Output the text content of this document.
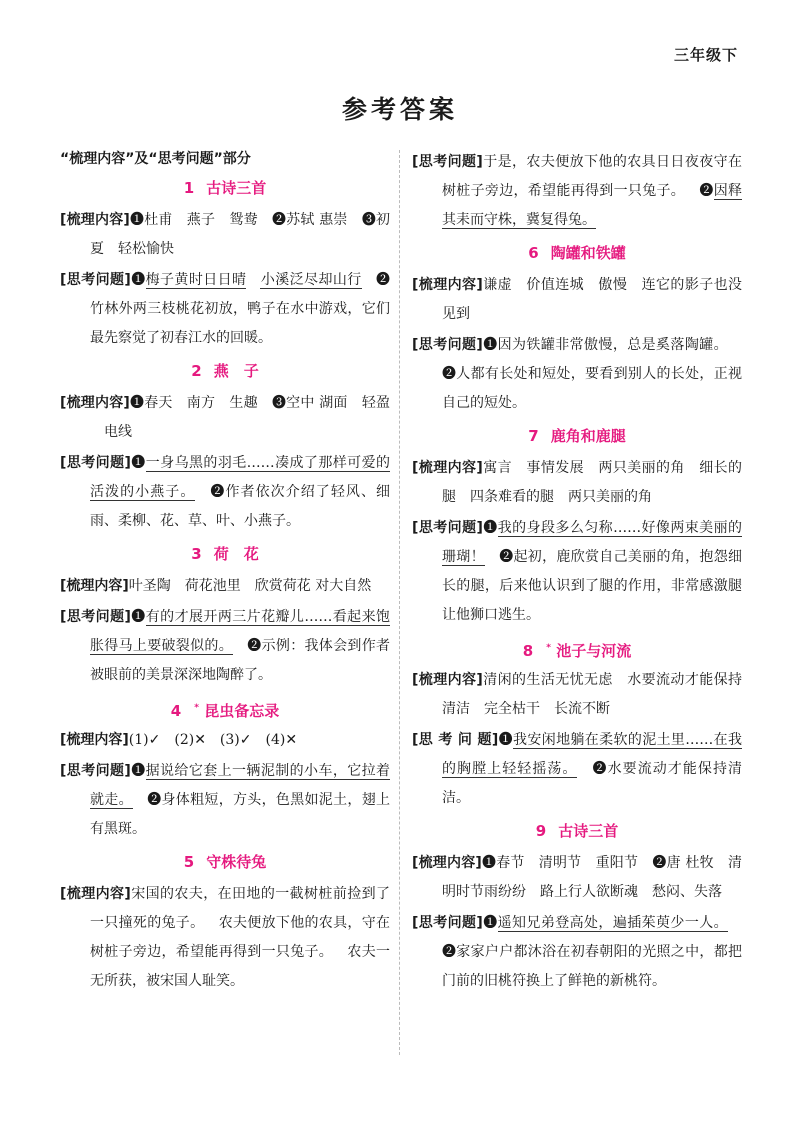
三年级下
参考答案

“梳理内容”及“思考问题”部分

1 古诗三首

[梳理内容]❶杜甫 燕子 鸳鸯 ❷苏轼 惠崇 ❸初夏 轻松愉快

[思考问题]❶梅子黄时日日晴 小溪泛尽却山行 ❷竹林外两三枝桃花初放，鸭子在水中游戏，它们最先察觉了初春江水的回暖。

2 燕　子

[梳理内容]❶春天 南方 生趣 ❸空中 湖面 轻盈电线

[思考问题]❶一身乌黑的羽毛……凑成了那样可爱的活泼的小燕子。 ❷作者依次介绍了轻风、细雨、柔柳、花、草、叶、小燕子。

3 荷　花

[梳理内容]叶圣陶 荷花池里 欣赏荷花 对大自然

[思考问题]❶有的才展开两三片花瓣儿……看起来饱胀得马上要破裂似的。 ❷示例：我体会到作者被眼前的美景深深地陶醉了。

4 * 昆虫备忘录

[梳理内容](1)✓ (2)✕ (3)✓ (4)✕

[思考问题]❶据说给它套上一辆泥制的小车，它拉着就走。 ❷身体粗短，方头，色黑如泥土，翅上有黑斑。

5 守株待兔

[梳理内容]宋国的农夫，在田地的一截树桩前捡到了一只撞死的兔子。 农夫便放下他的农具，守在树桩子旁边，希望能再得到一只兔子。 农夫一无所获，被宋国人耻笑。

[思考问题]于是，农夫便放下他的农具日日夜夜守在树桩子旁边，希望能再得到一只兔子。 ❷因释其耒而守株，冀复得兔。

6 陶罐和铁罐

[梳理内容]谦虚 价值连城 傲慢 连它的影子也没见到

[思考问题]❶因为铁罐非常傲慢，总是奚落陶罐。❷人都有长处和短处，要看到别人的长处，正视自己的短处。

7 鹿角和鹿腿

[梳理内容]寓言 事情发展 两只美丽的角 细长的腿 四条难看的腿 两只美丽的角

[思考问题]❶我的身段多么匀称……好像两束美丽的珊瑚！ ❷起初，鹿欣赏自己美丽的角，抱怨细长的腿，后来他认识到了腿的作用，非常感激腿让他狮口逃生。

8 * 池子与河流

[梳理内容]清闲的生活无忧无虑 水要流动才能保持清洁 完全枯干 长流不断

[思 考 问 题]❶我安闲地躺在柔软的泥土里……在我的胸膛上轻轻摇荡。 ❷水要流动才能保持清洁。

9 古诗三首

[梳理内容]❶春节 清明节 重阳节 ❷唐 杜牧 清明时节雨纷纷 路上行人欲断魂 愁闷、失落

[思考问题]❶遥知兄弟登高处，遍插茱萸少一人。❷家家户户都沐浴在初春朝阳的光照之中，都把门前的旧桃符换上了鲜艳的新桃符。
